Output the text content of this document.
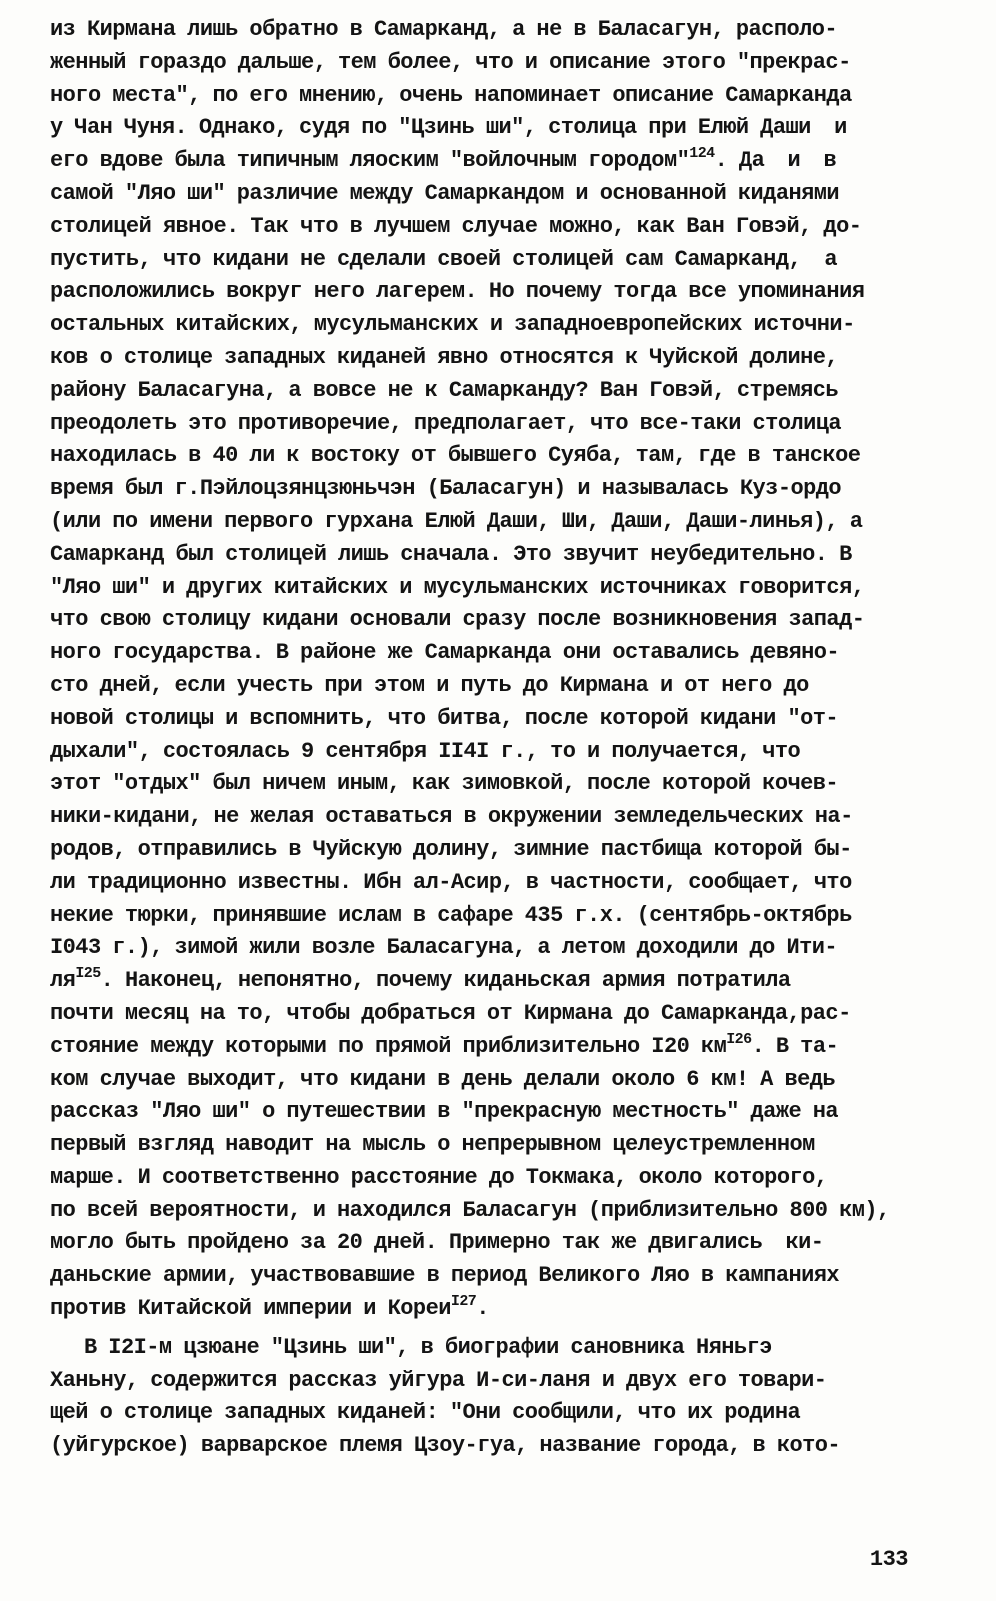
из Кирмана лишь обратно в Самарканд, а не в Баласагун, располо-
женный гораздо дальше, тем более, что и описание этого "прекрас-
ного места", по его мнению, очень напоминает описание Самарканда
у Чан Чуня. Однако, судя по "Цзинь ши", столица при Елюй Даши  и
его вдове была типичным ляоским "войлочным городом"$^{124}$. Да  и  в
самой "Ляо ши" различие между Самаркандом и основанной киданями
столицей явное. Так что в лучшем случае можно, как Ван Говэй, до-
пустить, что кидани не сделали своей столицей сам Самарканд,  а
расположились вокруг него лагерем. Но почему тогда все упоминания
остальных китайских, мусульманских и западноевропейских источни-
ков о столице западных киданей явно относятся к Чуйской долине,
району Баласагуна, а вовсе не к Самарканду? Ван Говэй, стремясь
преодолеть это противоречие, предполагает, что все-таки столица
находилась в 40 ли к востоку от бывшего Суяба, там, где в танское
время был г.Пэйлоцзянцзюньчэн (Баласагун) и называлась Куз-ордо
(или по имени первого гурхана Елюй Даши, Ши, Даши, Даши-линья), а
Самарканд был столицей лишь сначала. Это звучит неубедительно. В
"Ляо ши" и других китайских и мусульманских источниках говорится,
что свою столицу кидани основали сразу после возникновения запад-
ного государства. В районе же Самарканда они оставались девяно-
сто дней, если учесть при этом и путь до Кирмана и от него до
новой столицы и вспомнить, что битва, после которой кидани "от-
дыхали", состоялась 9 сентября II4I г., то и получается, что
этот "отдых" был ничем иным, как зимовкой, после которой кочев-
ники-кидани, не желая оставаться в окружении земледельческих на-
родов, отправились в Чуйскую долину, зимние пастбища которой бы-
ли традиционно известны. Ибн ал-Асир, в частности, сообщает, что
некие тюрки, принявшие ислам в сафаре 435 г.х. (сентябрь-октябрь
I043 г.), зимой жили возле Баласагуна, а летом доходили до Ити-
ля$^{I25}$. Наконец, непонятно, почему киданьская армия потратила
почти месяц на то, чтобы добраться от Кирмана до Самарканда,рас-
стояние между которыми по прямой приблизительно I20 км$^{I26}$. В та-
ком случае выходит, что кидани в день делали около 6 км! А ведь
рассказ "Ляо ши" о путешествии в "прекрасную местность" даже на
первый взгляд наводит на мысль о непрерывном целеустремленном
марше. И соответственно расстояние до Токмака, около которого,
по всей вероятности, и находился Баласагун (приблизительно 800 км),
могло быть пройдено за 20 дней. Примерно так же двигались  ки-
даньские армии, участвовавшие в период Великого Ляо в кампаниях
против Китайской империи и Кореи$^{I27}$.
В I2I-м цзюане "Цзинь ши", в биографии сановника Няньгэ
Ханьну, содержится рассказ уйгура И-си-ланя и двух его товари-
щей о столице западных киданей: "Они сообщили, что их родина
(уйгурское) варварское племя Цзоу-гуа, название города, в кото-
133
